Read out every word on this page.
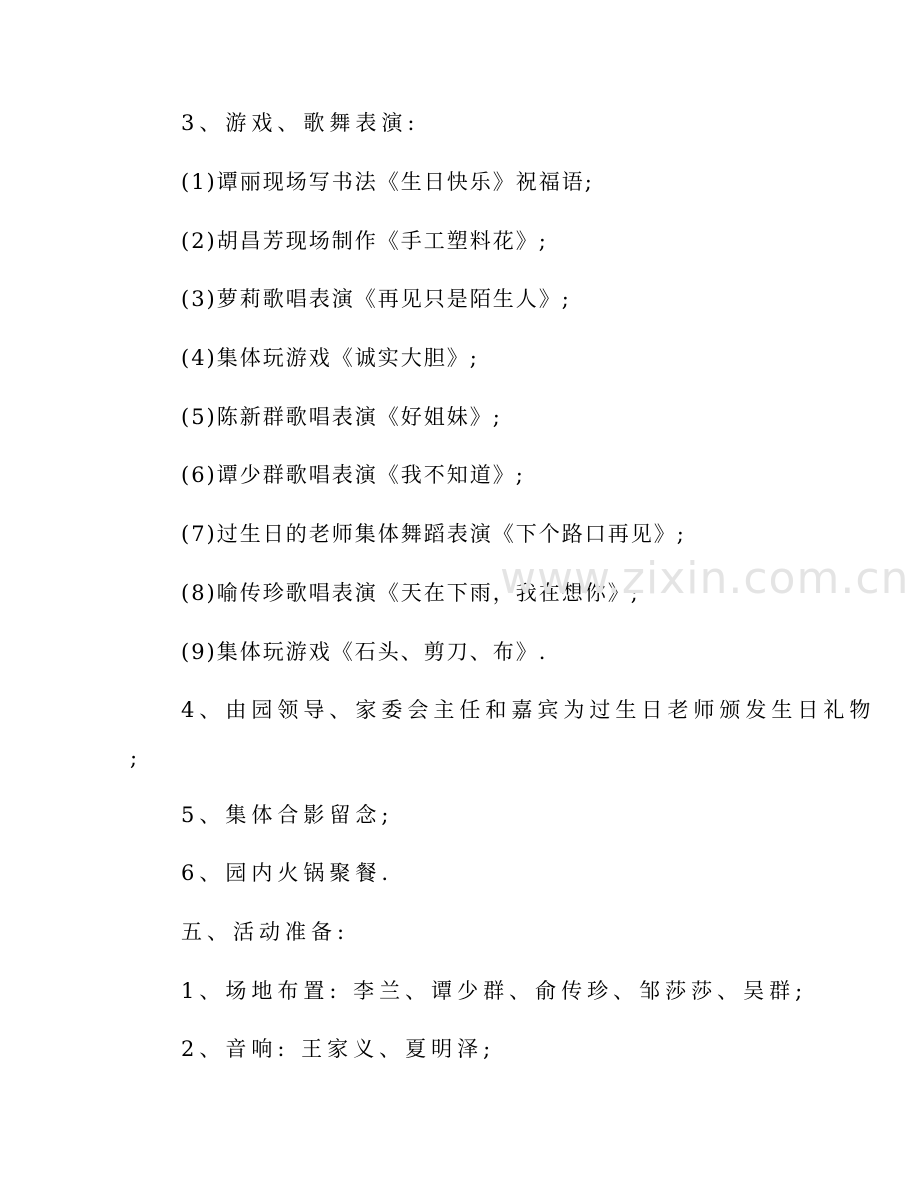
3、游戏、歌舞表演:
(1)谭丽现场写书法《生日快乐》祝福语;
(2)胡昌芳现场制作《手工塑料花》;
(3)萝莉歌唱表演《再见只是陌生人》;
(4)集体玩游戏《诚实大胆》;
(5)陈新群歌唱表演《好姐妹》;
(6)谭少群歌唱表演《我不知道》;
(7)过生日的老师集体舞蹈表演《下个路口再见》;
(8)喻传珍歌唱表演《天在下雨，我在想你》;
(9)集体玩游戏《石头、剪刀、布》.
4、由园领导、家委会主任和嘉宾为过生日老师颁发生日礼物
;
5、集体合影留念;
6、园内火锅聚餐.
五、活动准备:
1、场地布置: 李兰、谭少群、俞传珍、邹莎莎、吴群;
2、音响: 王家义、夏明泽;
www.zixin.com.cn
